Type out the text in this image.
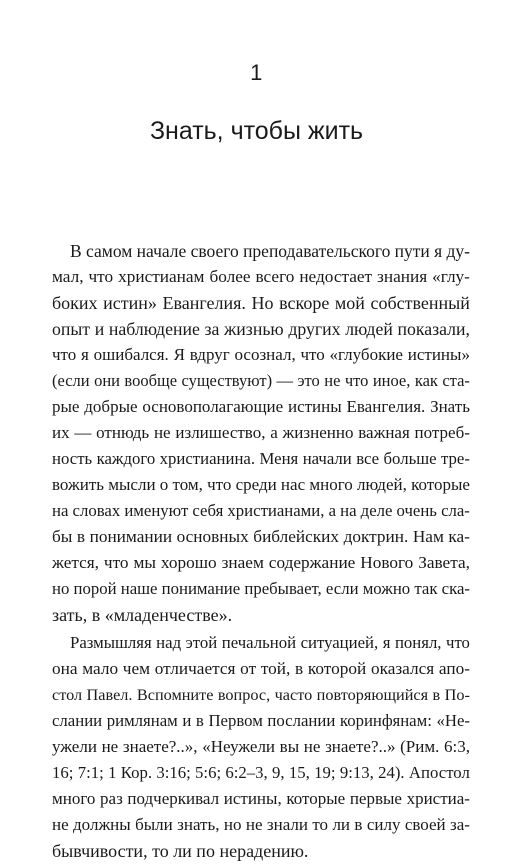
1
Знать, чтобы жить
В самом начале своего преподавательского пути я ду-
мал, что христианам более всего недостает знания «глу-
боких истин» Евангелия. Но вскоре мой собственный
опыт и наблюдение за жизнью других людей показали,
что я ошибался. Я вдруг осознал, что «глубокие истины»
(если они вообще существуют) — это не что иное, как ста-
рые добрые основополагающие истины Евангелия. Знать
их — отнюдь не излишество, а жизненно важная потреб-
ность каждого христианина. Меня начали все больше тре-
вожить мысли о том, что среди нас много людей, которые
на словах именуют себя христианами, а на деле очень сла-
бы в понимании основных библейских доктрин. Нам ка-
жется, что мы хорошо знаем содержание Нового Завета,
но порой наше понимание пребывает, если можно так ска-
зать, в «младенчестве».
Размышляя над этой печальной ситуацией, я понял, что
она мало чем отличается от той, в которой оказался апо-
стол Павел. Вспомните вопрос, часто повторяющийся в По-
слании римлянам и в Первом послании коринфянам: «Не-
ужели не знаете?..», «Неужели вы не знаете?..» (Рим. 6:3,
16; 7:1; 1 Кор. 3:16; 5:6; 6:2–3, 9, 15, 19; 9:13, 24). Апостол
много раз подчеркивал истины, которые первые христиа-
не должны были знать, но не знали то ли в силу своей за-
бывчивости, то ли по нерадению.
